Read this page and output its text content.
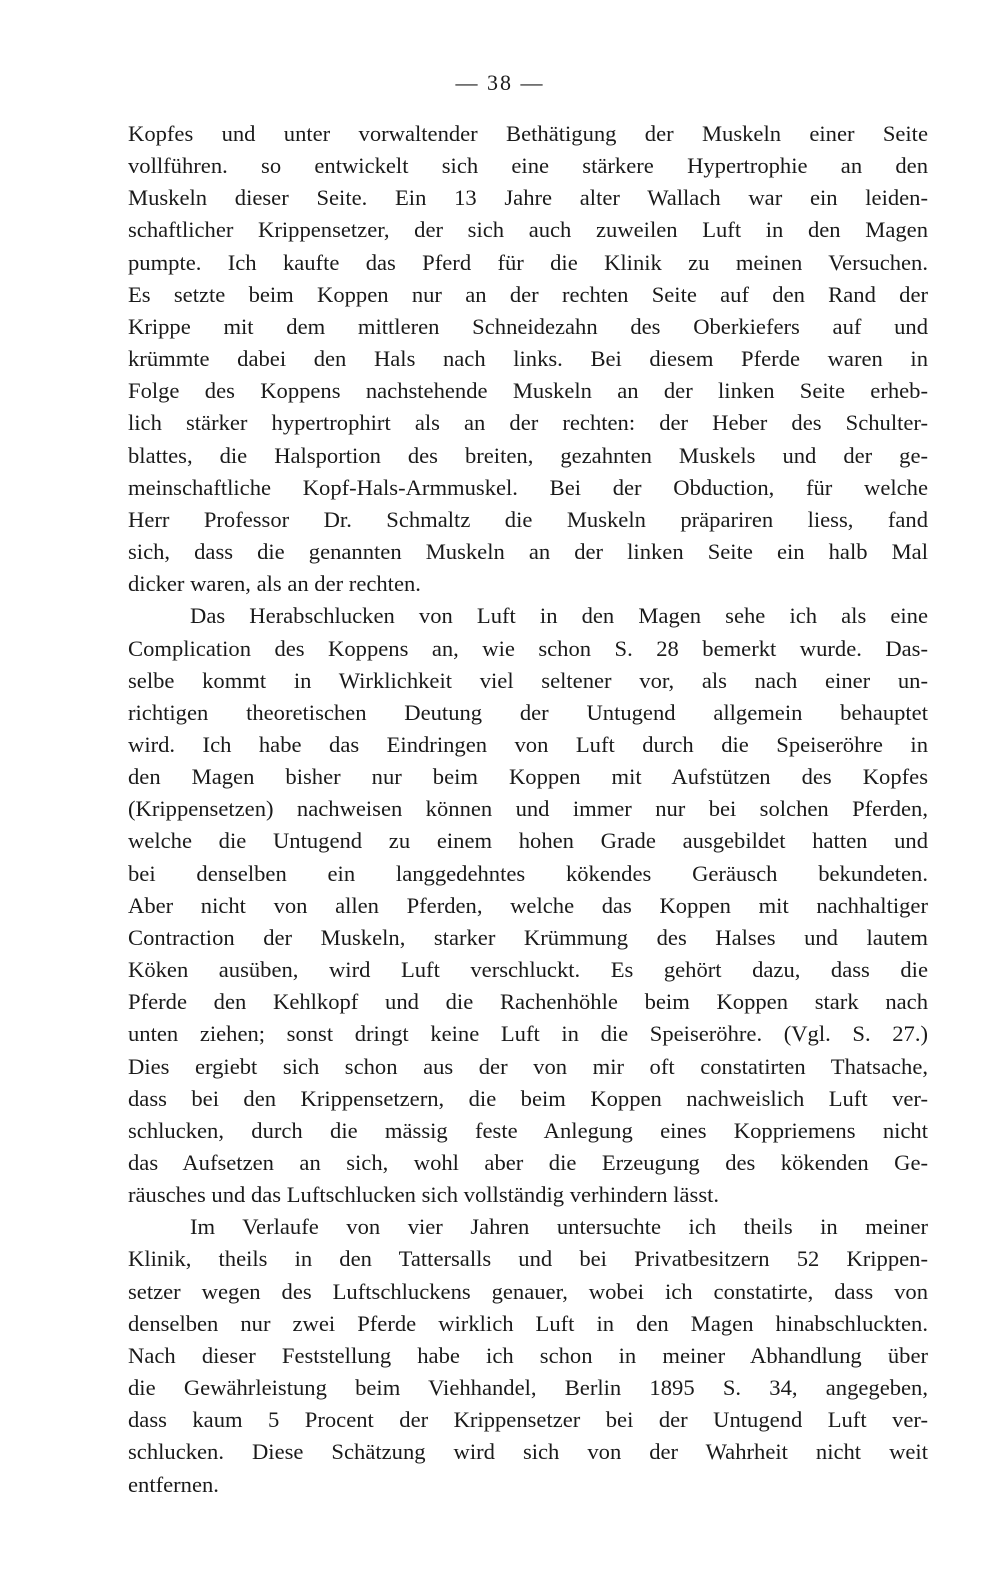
— 38 —

Kopfes und unter vorwaltender Bethätigung der Muskeln einer Seite
vollführen. so entwickelt sich eine stärkere Hypertrophie an den
Muskeln dieser Seite. Ein 13 Jahre alter Wallach war ein leiden-
schaftlicher Krippensetzer, der sich auch zuweilen Luft in den Magen
pumpte. Ich kaufte das Pferd für die Klinik zu meinen Versuchen.
Es setzte beim Koppen nur an der rechten Seite auf den Rand der
Krippe mit dem mittleren Schneidezahn des Oberkiefers auf und
krümmte dabei den Hals nach links. Bei diesem Pferde waren in
Folge des Koppens nachstehende Muskeln an der linken Seite erheb-
lich stärker hypertrophirt als an der rechten: der Heber des Schulter-
blattes, die Halsportion des breiten, gezahnten Muskels und der ge-
meinschaftliche Kopf-Hals-Armmuskel. Bei der Obduction, für welche
Herr Professor Dr. Schmaltz die Muskeln präpariren liess, fand
sich, dass die genannten Muskeln an der linken Seite ein halb Mal
dicker waren, als an der rechten.

Das Herabschlucken von Luft in den Magen sehe ich als eine
Complication des Koppens an, wie schon S. 28 bemerkt wurde. Das-
selbe kommt in Wirklichkeit viel seltener vor, als nach einer un-
richtigen theoretischen Deutung der Untugend allgemein behauptet
wird. Ich habe das Eindringen von Luft durch die Speiseröhre in
den Magen bisher nur beim Koppen mit Aufstützen des Kopfes
(Krippensetzen) nachweisen können und immer nur bei solchen Pferden,
welche die Untugend zu einem hohen Grade ausgebildet hatten und
bei denselben ein langgedehntes kökendes Geräusch bekundeten.
Aber nicht von allen Pferden, welche das Koppen mit nachhaltiger
Contraction der Muskeln, starker Krümmung des Halses und lautem
Köken ausüben, wird Luft verschluckt. Es gehört dazu, dass die
Pferde den Kehlkopf und die Rachenhöhle beim Koppen stark nach
unten ziehen; sonst dringt keine Luft in die Speiseröhre. (Vgl. S. 27.)
Dies ergiebt sich schon aus der von mir oft constatirten Thatsache,
dass bei den Krippensetzern, die beim Koppen nachweislich Luft ver-
schlucken, durch die mässig feste Anlegung eines Koppriemens nicht
das Aufsetzen an sich, wohl aber die Erzeugung des kökenden Ge-
räusches und das Luftschlucken sich vollständig verhindern lässt.

Im Verlaufe von vier Jahren untersuchte ich theils in meiner
Klinik, theils in den Tattersalls und bei Privatbesitzern 52 Krippen-
setzer wegen des Luftschluckens genauer, wobei ich constatirte, dass von
denselben nur zwei Pferde wirklich Luft in den Magen hinabschluckten.
Nach dieser Feststellung habe ich schon in meiner Abhandlung über
die Gewährleistung beim Viehhandel, Berlin 1895 S. 34, angegeben,
dass kaum 5 Procent der Krippensetzer bei der Untugend Luft ver-
schlucken. Diese Schätzung wird sich von der Wahrheit nicht weit
entfernen.
